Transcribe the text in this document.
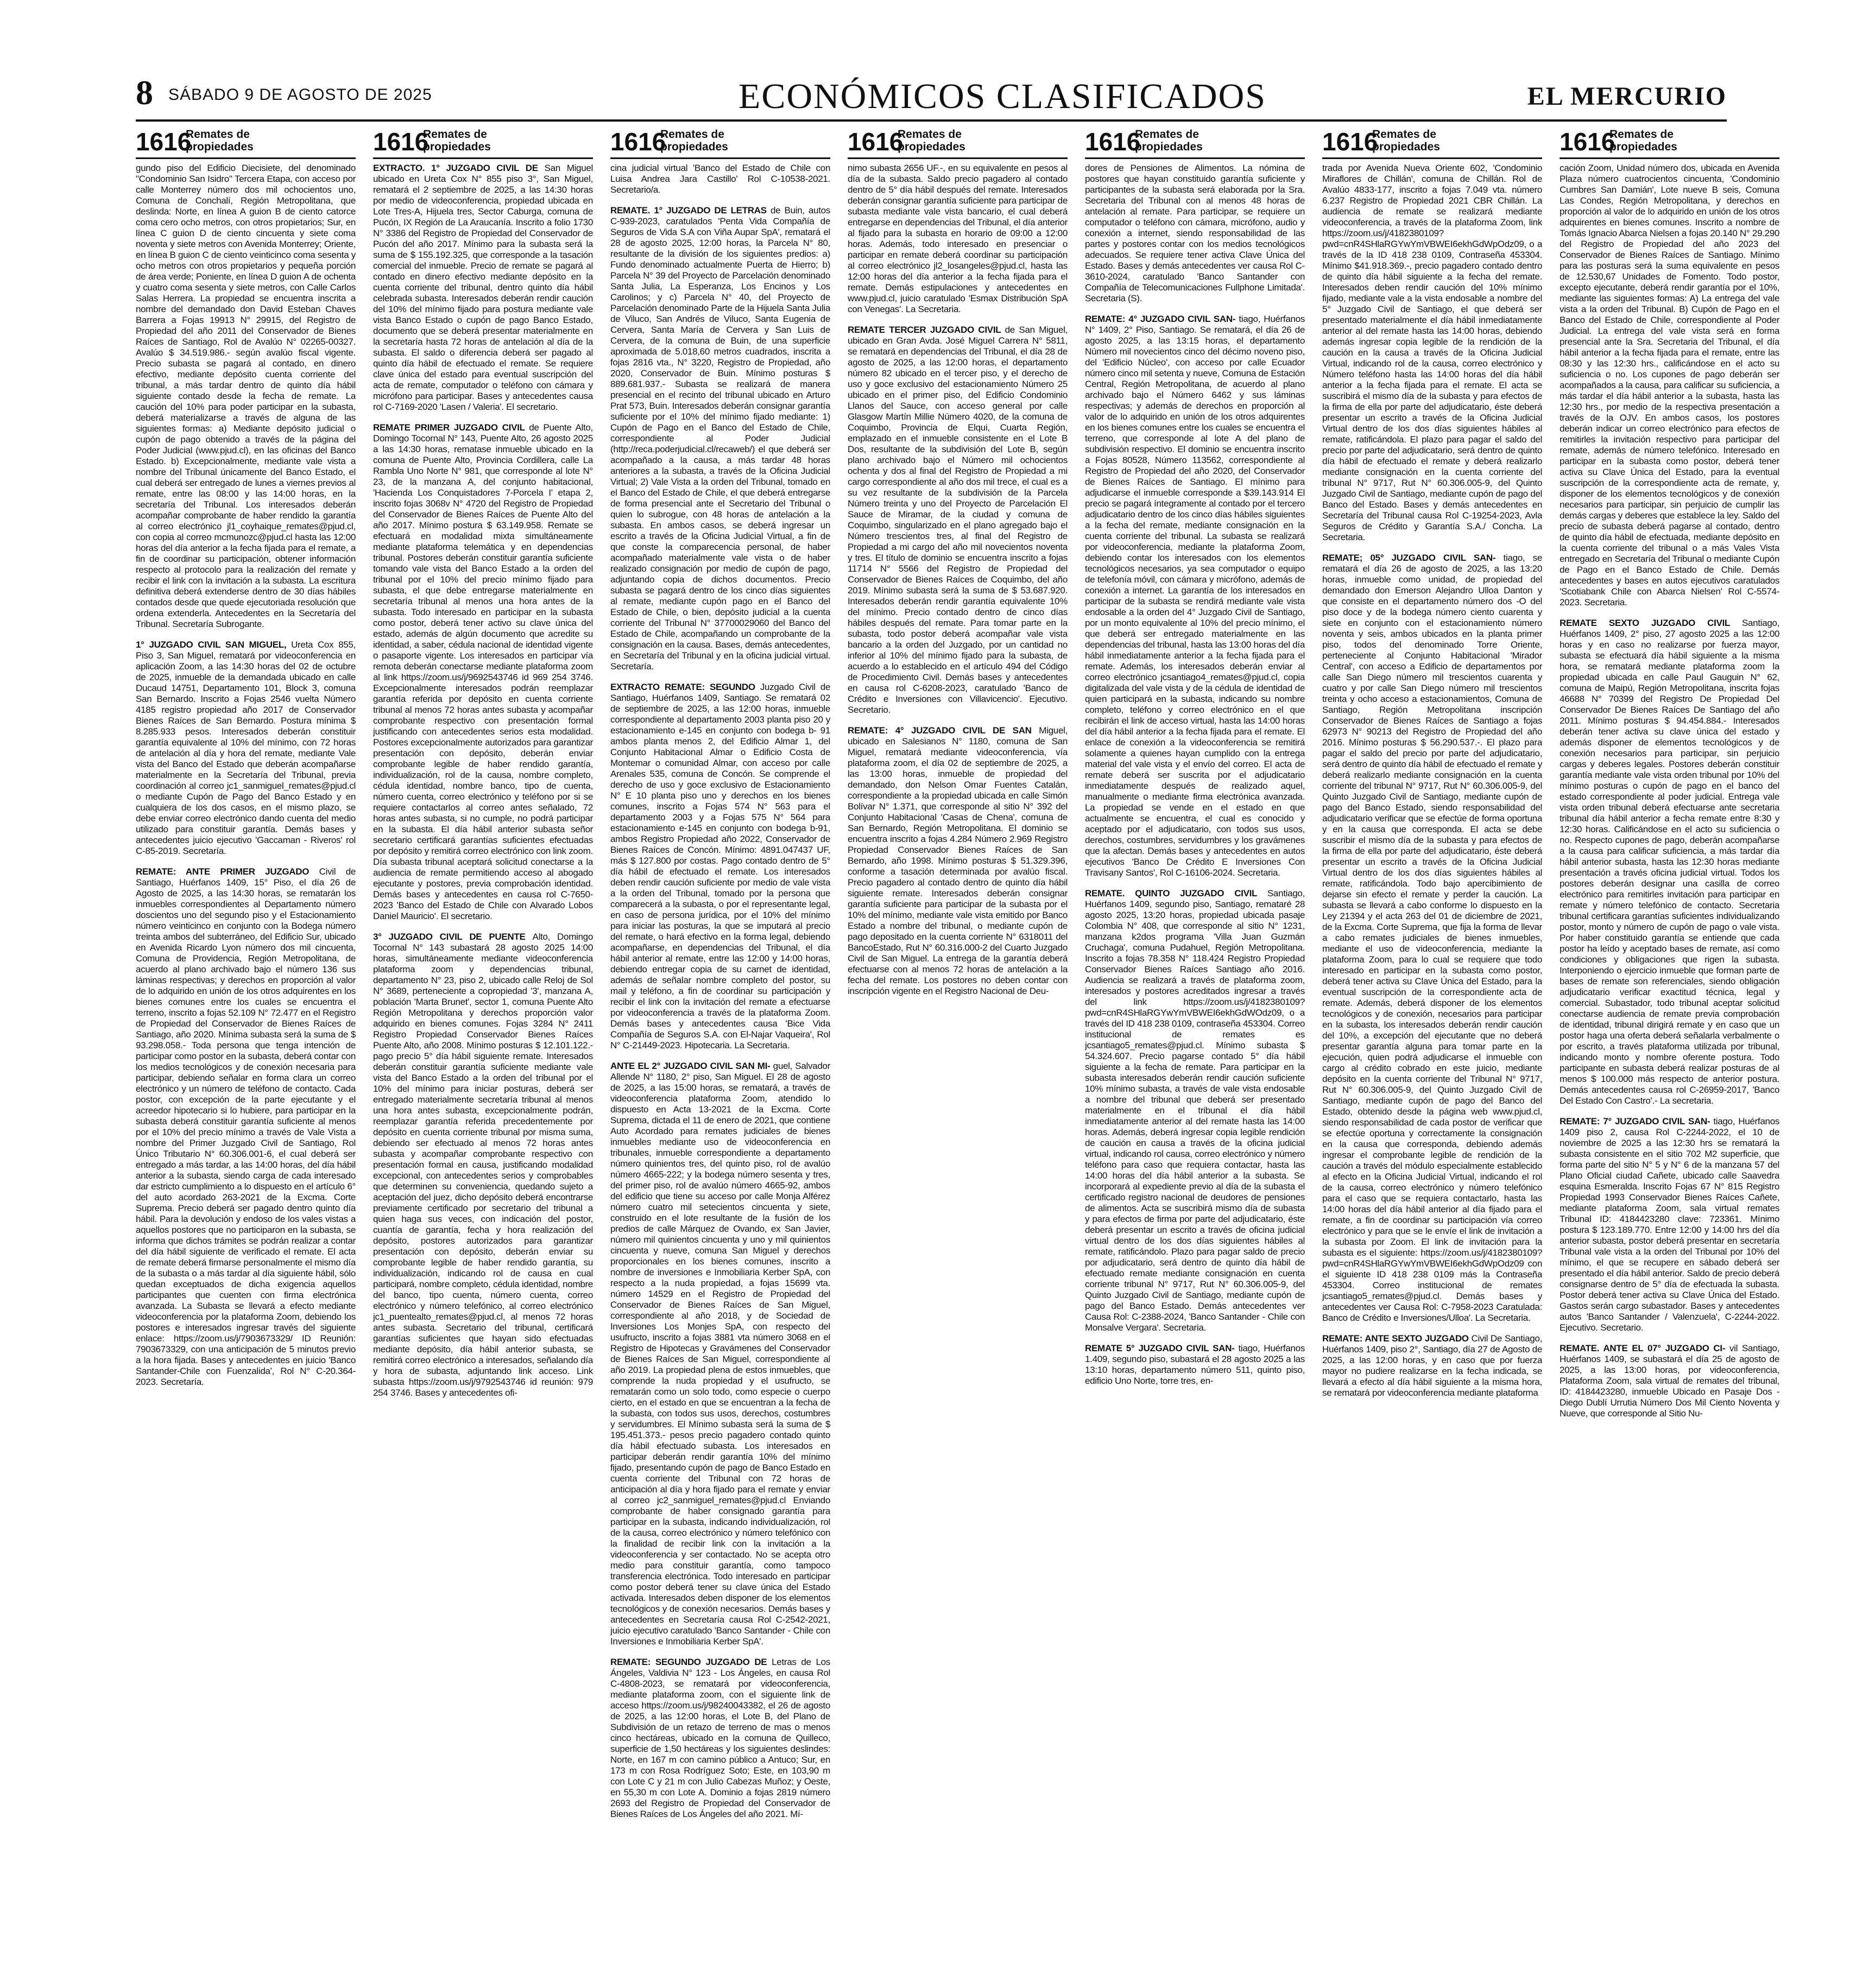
8 SÁBADO 9 DE AGOSTO DE 2025	ECONÓMICOS CLASIFICADOS	EL MERCURIO
1616
Remates de
propiedades	1616
Remates de
propiedades	1616
Remates de
propiedades	1616
Remates de
propiedades	1616
Remates de
propiedades	1616
Remates de
propiedades	1616
Remates de
propiedades

gundo piso del Edificio Diecisiete, del denominado "Condominio San Isidro" Tercera Etapa, con acceso por calle Monterrey número dos mil ochocientos uno, Comuna de Conchalí, Región Metropolitana, que deslinda: Norte, en línea A guion B de ciento catorce coma cero ocho metros, con otros propietarios; Sur, en línea C guion D de ciento cincuenta y siete coma noventa y siete metros con Avenida Monterrey; Oriente, en línea B guion C de ciento veinticinco coma sesenta y ocho metros con otros propietarios y pequeña porción de área verde; Poniente, en línea D guion A de ochenta y cuatro coma sesenta y siete metros, con Calle Carlos Salas Herrera. La propiedad se encuentra inscrita a nombre del demandado don David Esteban Chaves Barrera a Fojas 19913 N° 29915, del Registro de Propiedad del año 2011 del Conservador de Bienes Raíces de Santiago, Rol de Avalúo N° 02265-00327. Avalúo $ 34.519.986.- según avalúo fiscal vigente. Precio subasta se pagará al contado, en dinero efectivo, mediante depósito cuenta corriente del tribunal, a más tardar dentro de quinto día hábil siguiente contado desde la fecha de remate. La caución del 10% para poder participar en la subasta, deberá materializarse a través de alguna de las siguientes formas: a) Mediante depósito judicial o cupón de pago obtenido a través de la página del Poder Judicial (www.pjud.cl), en las oficinas del Banco Estado. b) Excepcionalmente, mediante vale vista a nombre del Tribunal únicamente del Banco Estado, el cual deberá ser entregado de lunes a viernes previos al remate, entre las 08:00 y las 14:00 horas, en la secretaría del Tribunal. Los interesados deberán acompañar comprobante de haber rendido la garantía al correo electrónico jl1_coyhaique_remates@pjud.cl, con copia al correo mcmunozc@pjud.cl hasta las 12:00 horas del día anterior a la fecha fijada para el remate, a fin de coordinar su participación, obtener información respecto al protocolo para la realización del remate y recibir el link con la invitación a la subasta. La escritura definitiva deberá extenderse dentro de 30 días hábiles contados desde que quede ejecutoriada resolución que ordena extenderla. Antecedentes en la Secretaría del Tribunal. Secretaría Subrogante.

1° JUZGADO CIVIL SAN MIGUEL, Ureta Cox 855, Piso 3, San Miguel, rematará por videoconferencia en aplicación Zoom, a las 14:30 horas del 02 de octubre de 2025, inmueble de la demandada ubicado en calle Ducaud 14751, Departamento 101, Block 3, comuna San Bernardo. Inscrito a Fojas 2546 vuelta Número 4185 registro propiedad año 2017 de Conservador Bienes Raíces de San Bernardo. Postura mínima $ 8.285.933 pesos. Interesados deberán constituir garantía equivalente al 10% del mínimo, con 72 horas de antelación al día y hora del remate, mediante Vale vista del Banco del Estado que deberán acompañarse materialmente en la Secretaría del Tribunal, previa coordinación al correo jc1_sanmiguel_remates@pjud.cl o mediante Cupón de Pago del Banco Estado y en cualquiera de los dos casos, en el mismo plazo, se debe enviar correo electrónico dando cuenta del medio utilizado para constituir garantía. Demás bases y antecedentes juicio ejecutivo 'Gaccaman - Riveros' rol C-85-2019. Secretaría.

REMATE: ANTE PRIMER JUZGADO Civil de Santiago, Huérfanos 1409, 15° Piso, el día 26 de Agosto de 2025, a las 14:30 horas, se rematarán los inmuebles correspondientes al Departamento número doscientos uno del segundo piso y el Estacionamiento número veinticinco en conjunto con la Bodega número treinta ambos del subterráneo, del Edificio Sur, ubicado en Avenida Ricardo Lyon número dos mil cincuenta, Comuna de Providencia, Región Metropolitana, de acuerdo al plano archivado bajo el número 136 sus láminas respectivas; y derechos en proporción al valor de lo adquirido en unión de los otros adquirentes en los bienes comunes entre los cuales se encuentra el terreno, inscrito a fojas 52.109 N° 72.477 en el Registro de Propiedad del Conservador de Bienes Raíces de Santiago, año 2020. Mínima subasta será la suma de $ 93.298.058.- Toda persona que tenga intención de participar como postor en la subasta, deberá contar con los medios tecnológicos y de conexión necesaria para participar, debiendo señalar en forma clara un correo electrónico y un número de teléfono de contacto. Cada postor, con excepción de la parte ejecutante y el acreedor hipotecario si lo hubiere, para participar en la subasta deberá constituir garantía suficiente al menos por el 10% del precio mínimo a través de Vale Vista a nombre del Primer Juzgado Civil de Santiago, Rol Único Tributario N° 60.306.001-6, el cual deberá ser entregado a más tardar, a las 14:00 horas, del día hábil anterior a la subasta, siendo carga de cada interesado dar estricto cumplimiento a lo dispuesto en el artículo 6° del auto acordado 263-2021 de la Excma. Corte Suprema. Precio deberá ser pagado dentro quinto día hábil. Para la devolución y endoso de los vales vistas a aquellos postores que no participaron en la subasta, se informa que dichos trámites se podrán realizar a contar del día hábil siguiente de verificado el remate. El acta de remate deberá firmarse personalmente el mismo día de la subasta o a más tardar al día siguiente hábil, sólo quedan exceptuados de dicha exigencia aquellos participantes que cuenten con firma electrónica avanzada. La Subasta se llevará a efecto mediante videoconferencia por la plataforma Zoom, debiendo los postores e interesados ingresar través del siguiente enlace: https://zoom.us/j/7903673329/ ID Reunión: 7903673329, con una anticipación de 5 minutos previo a la hora fijada. Bases y antecedentes en juicio 'Banco Santander-Chile con Fuenzalida', Rol N° C-20.364-2023. Secretaría.

EXTRACTO. 1° JUZGADO CIVIL DE San Miguel ubicado en Ureta Cox N° 855 piso 3°, San Miguel, rematará el 2 septiembre de 2025, a las 14:30 horas por medio de videoconferencia, propiedad ubicada en Lote Tres-A, Hijuela tres, Sector Caburga, comuna de Pucón, IX Región de La Araucanía. Inscrito a folio 1730 N° 3386 del Registro de Propiedad del Conservador de Pucón del año 2017. Mínimo para la subasta será la suma de $ 155.192.325, que corresponde a la tasación comercial del inmueble. Precio de remate se pagará al contado en dinero efectivo mediante depósito en la cuenta corriente del tribunal, dentro quinto día hábil celebrada subasta. Interesados deberán rendir caución del 10% del mínimo fijado para postura mediante vale vista Banco Estado o cupón de pago Banco Estado, documento que se deberá presentar materialmente en la secretaría hasta 72 horas de antelación al día de la subasta. El saldo o diferencia deberá ser pagado al quinto día hábil de efectuado el remate. Se requiere clave única del estado para eventual suscripción del acta de remate, computador o teléfono con cámara y micrófono para participar. Bases y antecedentes causa rol C-7169-2020 'Lasen / Valeria'. El secretario.

REMATE PRIMER JUZGADO CIVIL de Puente Alto, Domingo Tocornal N° 143, Puente Alto, 26 agosto 2025 a las 14:30 horas, rematase inmueble ubicado en la comuna de Puente Alto, Provincia Cordillera, calle La Rambla Uno Norte N° 981, que corresponde al lote N° 23, de la manzana A, del conjunto habitacional, 'Hacienda Los Conquistadores 7-Porcela I' etapa 2, inscrito fojas 3068v N° 4720 del Registro de Propiedad del Conservador de Bienes Raíces de Puente Alto del año 2017. Mínimo postura $ 63.149.958. Remate se efectuará en modalidad mixta simultáneamente mediante plataforma telemática y en dependencias tribunal. Postores deberán constituir garantía suficiente tomando vale vista del Banco Estado a la orden del tribunal por el 10% del precio mínimo fijado para subasta, el que debe entregarse materialmente en secretaría tribunal al menos una hora antes de la subasta. Todo interesado en participar en la subasta como postor, deberá tener activo su clave única del estado, además de algún documento que acredite su identidad, a saber, cédula nacional de identidad vigente o pasaporte vigente. Los interesados en participar vía remota deberán conectarse mediante plataforma zoom al link https://zoom.us/j/9692543746 id 969 254 3746. Excepcionalmente interesados podrán reemplazar garantía referida por depósito en cuenta corriente tribunal al menos 72 horas antes subasta y acompañar comprobante respectivo con presentación formal justificando con antecedentes serios esta modalidad. Postores excepcionalmente autorizados para garantizar presentación con depósito, deberán enviar comprobante legible de haber rendido garantía, individualización, rol de la causa, nombre completo, cédula identidad, nombre banco, tipo de cuenta, número cuenta, correo electrónico y teléfono por si se requiere contactarlos al correo antes señalado, 72 horas antes subasta, si no cumple, no podrá participar en la subasta. El día hábil anterior subasta señor secretario certificará garantías suficientes efectuadas por depósito y remitirá correo electrónico con link zoom. Día subasta tribunal aceptará solicitud conectarse a la audiencia de remate permitiendo acceso al abogado ejecutante y postores, previa comprobación identidad. Demás bases y antecedentes en causa rol C-7650-2023 'Banco del Estado de Chile con Alvarado Lobos Daniel Mauricio'. El secretario.

3° JUZGADO CIVIL DE PUENTE Alto, Domingo Tocornal N° 143 subastará 28 agosto 2025 14:00 horas, simultáneamente mediante videoconferencia plataforma zoom y dependencias tribunal, departamento N° 23, piso 2, ubicado calle Reloj de Sol N° 3689, perteneciente a copropiedad '3', manzana A, población 'Marta Brunet', sector 1, comuna Puente Alto Región Metropolitana y derechos proporción valor adquirido en bienes comunes. Fojas 3284 N° 2411 Registro Propiedad Conservador Bienes Raíces Puente Alto, año 2008. Mínimo posturas $ 12.101.122.- pago precio 5° día hábil siguiente remate. Interesados deberán constituir garantía suficiente mediante vale vista del Banco Estado a la orden del tribunal por el 10% del mínimo para iniciar posturas, deberá ser entregado materialmente secretaría tribunal al menos una hora antes subasta, excepcionalmente podrán, reemplazar garantía referida precedentemente por depósito en cuenta corriente tribunal por misma suma, debiendo ser efectuado al menos 72 horas antes subasta y acompañar comprobante respectivo con presentación formal en causa, justificando modalidad excepcional, con antecedentes serios y comprobables que determinen su conveniencia, quedando sujeto a aceptación del juez, dicho depósito deberá encontrarse previamente certificado por secretario del tribunal a quien haga sus veces, con indicación del postor, cuantía de garantía, fecha y hora realización del depósito, postores autorizados para garantizar presentación con depósito, deberán enviar su comprobante legible de haber rendido garantía, su individualización, indicando rol de causa en cual participará, nombre completo, cédula identidad, nombre del banco, tipo cuenta, número cuenta, correo electrónico y número telefónico, al correo electrónico jc1_puentealto_remates@pjud.cl, al menos 72 horas antes subasta. Secretario del tribunal, certificará garantías suficientes que hayan sido efectuadas mediante depósito, día hábil anterior subasta, se remitirá correo electrónico a interesados, señalando día y hora de subasta, adjuntando link acceso. Link subasta https://zoom.us/j/9792543746 id reunión: 979 254 3746. Bases y antecedentes ofi-

cina judicial virtual 'Banco del Estado de Chile con Luisa Andrea Jara Castillo' Rol C-10538-2021. Secretario/a.

REMATE. 1° JUZGADO DE LETRAS de Buin, autos C-939-2023, caratulados 'Penta Vida Compañía de Seguros de Vida S.A con Viña Aupar SpA', rematará el 28 de agosto 2025, 12:00 horas, la Parcela N° 80, resultante de la división de los siguientes predios: a) Fundo denominado actualmente Puerta de Hierro; b) Parcela N° 39 del Proyecto de Parcelación denominado Santa Julia, La Esperanza, Los Encinos y Los Carolinos; y c) Parcela N° 40, del Proyecto de Parcelación denominado Parte de la Hijuela Santa Julia de Viluco, San Andrés de Viluco, Santa Eugenia de Cervera, Santa María de Cervera y San Luis de Cervera, de la comuna de Buin, de una superficie aproximada de 5.018,60 metros cuadrados, inscrita a fojas 2816 vta., N° 3220, Registro de Propiedad, año 2020, Conservador de Buin. Mínimo posturas $ 889.681.937.- Subasta se realizará de manera presencial en el recinto del tribunal ubicado en Arturo Prat 573, Buin. Interesados deberán consignar garantía suficiente por el 10% del mínimo fijado mediante: 1) Cupón de Pago en el Banco del Estado de Chile, correspondiente al Poder Judicial (http://reca.poderjudicial.cl/recaweb/) el que deberá ser acompañado a la causa, a más tardar 48 horas anteriores a la subasta, a través de la Oficina Judicial Virtual; 2) Vale Vista a la orden del Tribunal, tomado en el Banco del Estado de Chile, el que deberá entregarse de forma presencial ante el Secretario del Tribunal o quien lo subrogue, con 48 horas de antelación a la subasta. En ambos casos, se deberá ingresar un escrito a través de la Oficina Judicial Virtual, a fin de que conste la comparecencia personal, de haber acompañado materialmente vale vista o de haber realizado consignación por medio de cupón de pago, adjuntando copia de dichos documentos. Precio subasta se pagará dentro de los cinco días siguientes al remate, mediante cupón pago en el Banco del Estado de Chile, o bien, depósito judicial a la cuenta corriente del Tribunal N° 37700029060 del Banco del Estado de Chile, acompañando un comprobante de la consignación en la causa. Bases, demás antecedentes, en Secretaría del Tribunal y en la oficina judicial virtual. Secretaría.

EXTRACTO REMATE: SEGUNDO Juzgado Civil de Santiago, Huérfanos 1409, Santiago. Se rematará 02 de septiembre de 2025, a las 12:00 horas, inmueble correspondiente al departamento 2003 planta piso 20 y estacionamiento e-145 en conjunto con bodega b- 91 ambos planta menos 2, del Edificio Almar 1, del Conjunto Habitacional Almar o Edificio Costa de Montemar o comunidad Almar, con acceso por calle Arenales 535, comuna de Concón. Se comprende el derecho de uso y goce exclusivo de Estacionamiento N° E 10 planta piso uno y derechos en los bienes comunes, inscrito a Fojas 574 N° 563 para el departamento 2003 y a Fojas 575 N° 564 para estacionamiento e-145 en conjunto con bodega b-91, ambos Registro Propiedad año 2022, Conservador de Bienes Raíces de Concón. Mínimo: 4891.047437 UF, más $ 127.800 por costas. Pago contado dentro de 5° día hábil de efectuado el remate. Los interesados deben rendir caución suficiente por medio de vale vista a la orden del Tribunal, tomado por la persona que comparecerá a la subasta, o por el representante legal, en caso de persona jurídica, por el 10% del mínimo para iniciar las posturas, la que se imputará al precio del remate, o hará efectivo en la forma legal, debiendo acompañarse, en dependencias del Tribunal, el día hábil anterior al remate, entre las 12:00 y 14:00 horas, debiendo entregar copia de su carnet de identidad, además de señalar nombre completo del postor, su mail y teléfono, a fin de coordinar su participación y recibir el link con la invitación del remate a efectuarse por videoconferencia a través de la plataforma Zoom. Demás bases y antecedentes causa 'Bice Vida Compañía de Seguros S.A. con El-Najar Vaqueira', Rol N° C-21449-2023. Hipotecaria. La Secretaria.

ANTE EL 2° JUZGADO CIVIL SAN MI- guel, Salvador Allende N° 1180, 2° piso, San Miguel. El 28 de agosto de 2025, a las 15:00 horas, se rematará, a través de videoconferencia plataforma Zoom, atendido lo dispuesto en Acta 13-2021 de la Excma. Corte Suprema, dictada el 11 de enero de 2021, que contiene Auto Acordado para remates judiciales de bienes inmuebles mediante uso de videoconferencia en tribunales, inmueble correspondiente a departamento número quinientos tres, del quinto piso, rol de avalúo número 4665-222; y la bodega número sesenta y tres, del primer piso, rol de avalúo número 4665-92, ambos del edificio que tiene su acceso por calle Monja Alférez número cuatro mil setecientos cincuenta y siete, construido en el lote resultante de la fusión de los predios de calle Márquez de Ovando, ex San Javier, número mil quinientos cincuenta y uno y mil quinientos cincuenta y nueve, comuna San Miguel y derechos proporcionales en los bienes comunes, inscrito a nombre de inversiones e Inmobiliaria Kerber SpA, con respecto a la nuda propiedad, a fojas 15699 vta. número 14529 en el Registro de Propiedad del Conservador de Bienes Raíces de San Miguel, correspondiente al año 2018, y de Sociedad de Inversiones Los Monjes SpA, con respecto del usufructo, inscrito a fojas 3881 vta número 3068 en el Registro de Hipotecas y Gravámenes del Conservador de Bienes Raíces de San Miguel, correspondiente al año 2019. La propiedad plena de estos inmuebles, que comprende la nuda propiedad y el usufructo, se rematarán como un solo todo, como especie o cuerpo cierto, en el estado en que se encuentran a la fecha de la subasta, con todos sus usos, derechos, costumbres y servidumbres. El Mínimo subasta será la suma de $ 195.451.373.- pesos precio pagadero contado quinto día hábil efectuado subasta. Los interesados en participar deberán rendir garantía 10% del mínimo fijado, presentando cupón de pago de Banco Estado en cuenta corriente del Tribunal con 72 horas de anticipación al día y hora fijado para el remate y enviar al correo jc2_sanmiguel_remates@pjud.cl Enviando comprobante de haber consignado garantía para participar en la subasta, indicando individualización, rol de la causa, correo electrónico y número telefónico con la finalidad de recibir link con la invitación a la videoconferencia y ser contactado. No se acepta otro medio para constituir garantía, como tampoco transferencia electrónica. Todo interesado en participar como postor deberá tener su clave única del Estado activada. Interesados deben disponer de los elementos tecnológicos y de conexión necesarios. Demás bases y antecedentes en Secretaría causa Rol C-2542-2021, juicio ejecutivo caratulado 'Banco Santander - Chile con Inversiones e Inmobiliaria Kerber SpA'.

REMATE: SEGUNDO JUZGADO DE Letras de Los Ángeles, Valdivia N° 123 - Los Ángeles, en causa Rol C-4808-2023, se rematará por videoconferencia, mediante plataforma zoom, con el siguiente link de acceso https://zoom.us/j/98240043382, el 26 de agosto de 2025, a las 12:00 horas, el Lote B, del Plano de Subdivisión de un retazo de terreno de mas o menos cinco hectáreas, ubicado en la comuna de Quilleco, superficie de 1,50 hectáreas y los siguientes deslindes: Norte, en 167 m con camino público a Antuco; Sur, en 173 m con Rosa Rodríguez Soto; Este, en 103,90 m con Lote C y 21 m con Julio Cabezas Muñoz; y Oeste, en 55,30 m con Lote A. Dominio a fojas 2819 número 2693 del Registro de Propiedad del Conservador de Bienes Raíces de Los Ángeles del año 2021. Mí-

nimo subasta 2656 UF.-, en su equivalente en pesos al día de la subasta. Saldo precio pagadero al contado dentro de 5° día hábil después del remate. Interesados deberán consignar garantía suficiente para participar de subasta mediante vale vista bancario, el cual deberá entregarse en dependencias del Tribunal, el día anterior al fijado para la subasta en horario de 09:00 a 12:00 horas. Además, todo interesado en presenciar o participar en remate deberá coordinar su participación al correo electrónico jl2_losangeles@pjud.cl, hasta las 12:00 horas del día anterior a la fecha fijada para el remate. Demás estipulaciones y antecedentes en www.pjud.cl, juicio caratulado 'Esmax Distribución SpA con Venegas'. La Secretaria.

REMATE TERCER JUZGADO CIVIL de San Miguel, ubicado en Gran Avda. José Miguel Carrera N° 5811, se rematará en dependencias del Tribunal, el día 28 de agosto de 2025, a las 12:00 horas, el departamento número 82 ubicado en el tercer piso, y el derecho de uso y goce exclusivo del estacionamiento Número 25 ubicado en el primer piso, del Edificio Condominio Llanos del Sauce, con acceso general por calle Glasgow Martín Millie Número 4020, de la comuna de Coquimbo, Provincia de Elqui, Cuarta Región, emplazado en el inmueble consistente en el Lote B Dos, resultante de la subdivisión del Lote B, según plano archivado bajo el Número mil ochocientos ochenta y dos al final del Registro de Propiedad a mi cargo correspondiente al año dos mil trece, el cual es a su vez resultante de la subdivisión de la Parcela Número treinta y uno del Proyecto de Parcelación El Sauce de Miramar, de la ciudad y comuna de Coquimbo, singularizado en el plano agregado bajo el Número trescientos tres, al final del Registro de Propiedad a mi cargo del año mil novecientos noventa y tres. El título de dominio se encuentra inscrito a fojas 11714 N° 5566 del Registro de Propiedad del Conservador de Bienes Raíces de Coquimbo, del año 2019. Mínimo subasta será la suma de $ 53.687.920. Interesados deberán rendir garantía equivalente 10% del mínimo. Precio contado dentro de cinco días hábiles después del remate. Para tomar parte en la subasta, todo postor deberá acompañar vale vista bancario a la orden del Juzgado, por un cantidad no inferior al 10% del mínimo fijado para la subasta, de acuerdo a lo establecido en el artículo 494 del Código de Procedimiento Civil. Demás bases y antecedentes en causa rol C-6208-2023, caratulado 'Banco de Crédito e Inversiones con Villavicencio'. Ejecutivo. Secretario.

REMATE: 4° JUZGADO CIVIL DE SAN Miguel, ubicado en Salesianos N° 1180, comuna de San Miguel, rematará mediante videoconferencia, vía plataforma zoom, el día 02 de septiembre de 2025, a las 13:00 horas, inmueble de propiedad del demandado, don Nelson Omar Fuentes Catalán, correspondiente a la propiedad ubicada en calle Simón Bolívar N° 1.371, que corresponde al sitio N° 392 del Conjunto Habitacional 'Casas de Chena', comuna de San Bernardo, Región Metropolitana. El dominio se encuentra inscrito a fojas 4.284 Número 2.969 Registro Propiedad Conservador Bienes Raíces de San Bernardo, año 1998. Mínimo posturas $ 51.329.396, conforme a tasación determinada por avalúo fiscal. Precio pagadero al contado dentro de quinto día hábil siguiente remate. Interesados deberán consignar garantía suficiente para participar de la subasta por el 10% del mínimo, mediante vale vista emitido por Banco Estado a nombre del tribunal, o mediante cupón de pago depositado en la cuenta corriente N° 6318011 del BancoEstado, Rut N° 60.316.000-2 del Cuarto Juzgado Civil de San Miguel. La entrega de la garantía deberá efectuarse con al menos 72 horas de antelación a la fecha del remate. Los postores no deben contar con inscripción vigente en el Registro Nacional de Deu-

dores de Pensiones de Alimentos. La nómina de postores que hayan constituido garantía suficiente y participantes de la subasta será elaborada por la Sra. Secretaria del Tribunal con al menos 48 horas de antelación al remate. Para participar, se requiere un computador o teléfono con cámara, micrófono, audio y conexión a internet, siendo responsabilidad de las partes y postores contar con los medios tecnológicos adecuados. Se requiere tener activa Clave Única del Estado. Bases y demás antecedentes ver causa Rol C-3610-2024, caratulado 'Banco Santander con Compañía de Telecomunicaciones Fullphone Limitada'. Secretaria (S).

REMATE: 4° JUZGADO CIVIL SAN- tiago, Huérfanos N° 1409, 2° Piso, Santiago. Se rematará, el día 26 de agosto 2025, a las 13:15 horas, el departamento Número mil novecientos cinco del décimo noveno piso, del 'Edificio Núcleo', con acceso por calle Ecuador número cinco mil setenta y nueve, Comuna de Estación Central, Región Metropolitana, de acuerdo al plano archivado bajo el Número 6462 y sus láminas respectivas; y además de derechos en proporción al valor de lo adquirido en unión de los otros adquirentes en los bienes comunes entre los cuales se encuentra el terreno, que corresponde al lote A del plano de subdivisión respectivo. El dominio se encuentra inscrito a Fojas 80528, Número 113562, correspondiente al Registro de Propiedad del año 2020, del Conservador de Bienes Raíces de Santiago. El mínimo para adjudicarse el inmueble corresponde a $39.143.914 El precio se pagará íntegramente al contado por el tercero adjudicatario dentro de los cinco días hábiles siguientes a la fecha del remate, mediante consignación en la cuenta corriente del tribunal. La subasta se realizará por videoconferencia, mediante la plataforma Zoom, debiendo contar los interesados con los elementos tecnológicos necesarios, ya sea computador o equipo de telefonía móvil, con cámara y micrófono, además de conexión a internet. La garantía de los interesados en participar de la subasta se rendirá mediante vale vista endosable a la orden del 4° Juzgado Civil de Santiago, por un monto equivalente al 10% del precio mínimo, el que deberá ser entregado materialmente en las dependencias del tribunal, hasta las 13:00 horas del día hábil inmediatamente anterior a la fecha fijada para el remate. Además, los interesados deberán enviar al correo electrónico jcsantiago4_remates@pjud.cl, copia digitalizada del vale vista y de la cédula de identidad de quien participará en la subasta, indicando su nombre completo, teléfono y correo electrónico en el que recibirán el link de acceso virtual, hasta las 14:00 horas del día hábil anterior a la fecha fijada para el remate. El enlace de conexión a la videoconferencia se remitirá solamente a quienes hayan cumplido con la entrega material del vale vista y el envío del correo. El acta de remate deberá ser suscrita por el adjudicatario inmediatamente después de realizado aquel, manualmente o mediante firma electrónica avanzada. La propiedad se vende en el estado en que actualmente se encuentra, el cual es conocido y aceptado por el adjudicatario, con todos sus usos, derechos, costumbres, servidumbres y los gravámenes que la afectan. Demás bases y antecedentes en autos ejecutivos 'Banco De Crédito E Inversiones Con Travisany Santos', Rol C-16106-2024. Secretaria.

REMATE. QUINTO JUZGADO CIVIL Santiago, Huérfanos 1409, segundo piso, Santiago, remataré 28 agosto 2025, 13:20 horas, propiedad ubicada pasaje Colombia N° 408, que corresponde al sitio N° 1231, manzana k2dos programa 'Villa Juan Guzmán Cruchaga', comuna Pudahuel, Región Metropolitana. Inscrito a fojas 78.358 N° 118.424 Registro Propiedad Conservador Bienes Raíces Santiago año 2016. Audiencia se realizará a través de plataforma zoom, interesados y postores acreditados ingresar a través del link https://zoom.us/j/4182380109?pwd=cnR4SHlaRGYwYmVBWEI6ekhGdWOdz09, o a través del ID 418 238 0109, contraseña 453304. Correo institucional de remates es jcsantiago5_remates@pjud.cl. Mínimo subasta $ 54.324.607. Precio pagarse contado 5° día hábil siguiente a la fecha de remate. Para participar en la subasta interesados deberán rendir caución suficiente 10% mínimo subasta, a través de vale vista endosable a nombre del tribunal que deberá ser presentado materialmente en el tribunal el día hábil inmediatamente anterior al del remate hasta las 14:00 horas. Además, deberá ingresar copia legible rendición de caución en causa a través de la oficina judicial virtual, indicando rol causa, correo electrónico y número teléfono para caso que requiera contactar, hasta las 14:00 horas del día hábil anterior a la subasta. Se incorporará al expediente previo al día de la subasta el certificado registro nacional de deudores de pensiones de alimentos. Acta se suscribirá mismo día de subasta y para efectos de firma por parte del adjudicatario, éste deberá presentar un escrito a través de oficina judicial virtual dentro de los dos días siguientes hábiles al remate, ratificándolo. Plazo para pagar saldo de precio por adjudicatario, será dentro de quinto día hábil de efectuado remate mediante consignación en cuenta corriente tribunal N° 9717, Rut N° 60.306.005-9, del Quinto Juzgado Civil de Santiago, mediante cupón de pago del Banco Estado. Demás antecedentes ver Causa Rol: C-2388-2024, 'Banco Santander - Chile con Monsalve Vergara'. Secretaria.

REMATE 5° JUZGADO CIVIL SAN- tiago, Huérfanos 1.409, segundo piso, subastará el 28 agosto 2025 a las 13:10 horas, departamento número 511, quinto piso, edificio Uno Norte, torre tres, en-

trada por Avenida Nueva Oriente 602, 'Condominio Miraflores de Chillán', comuna de Chillán. Rol de Avalúo 4833-177, inscrito a fojas 7.049 vta. número 6.237 Registro de Propiedad 2021 CBR Chillán. La audiencia de remate se realizará mediante videoconferencia, a través de la plataforma Zoom, link https://zoom.us/j/4182380109?pwd=cnR4SHlaRGYwYmVBWEI6ekhGdWpOdz09, o a través de la ID 418 238 0109, Contraseña 453304. Mínimo $41.918.369.-, precio pagadero contado dentro de quinto día hábil siguiente a la fecha del remate. Interesados deben rendir caución del 10% mínimo fijado, mediante vale a la vista endosable a nombre del 5° Juzgado Civil de Santiago, el que deberá ser presentado materialmente el día hábil inmediatamente anterior al del remate hasta las 14:00 horas, debiendo además ingresar copia legible de la rendición de la caución en la causa a través de la Oficina Judicial Virtual, indicando rol de la causa, correo electrónico y Número teléfono hasta las 14:00 horas del día hábil anterior a la fecha fijada para el remate. El acta se suscribirá el mismo día de la subasta y para efectos de la firma de ella por parte del adjudicatario, éste deberá presentar un escrito a través de la Oficina Judicial Virtual dentro de los dos días siguientes hábiles al remate, ratificándola. El plazo para pagar el saldo del precio por parte del adjudicatario, será dentro de quinto día hábil de efectuado el remate y deberá realizarlo mediante consignación en la cuenta corriente del tribunal N° 9717, Rut N° 60.306.005-9, del Quinto Juzgado Civil de Santiago, mediante cupón de pago del Banco del Estado. Bases y demás antecedentes en Secretaría del Tribunal causa Rol C-19254-2023, Avla Seguros de Crédito y Garantía S.A./ Concha. La Secretaria.

REMATE; 05° JUZGADO CIVIL SAN- tiago, se rematará el día 26 de agosto de 2025, a las 13:20 horas, inmueble como unidad, de propiedad del demandado don Emerson Alejandro Ulloa Danton y que consiste en el departamento número dos -O del piso doce y de la bodega número ciento cuarenta y siete en conjunto con el estacionamiento número noventa y seis, ambos ubicados en la planta primer piso, todos del denominado Torre Oriente, perteneciente al Conjunto Habitacional 'Mirador Central', con acceso a Edificio de departamentos por calle San Diego número mil trescientos cuarenta y cuatro y por calle San Diego número mil trescientos treinta y ocho acceso a estacionamientos, Comuna de Santiago, Región Metropolitana inscripción Conservador de Bienes Raíces de Santiago a fojas 62973 N° 90213 del Registro de Propiedad del año 2016. Mínimo posturas $ 56.290.537.-. El plazo para pagar el saldo del precio por parte del adjudicatario, será dentro de quinto día hábil de efectuado el remate y deberá realizarlo mediante consignación en la cuenta corriente del tribunal N° 9717, Rut N° 60.306.005-9, del Quinto Juzgado Civil de Santiago, mediante cupón de pago del Banco Estado, siendo responsabilidad del adjudicatario verificar que se efectúe de forma oportuna y en la causa que corresponda. El acta se debe suscribir el mismo día de la subasta y para efectos de la firma de ella por parte del adjudicatario, éste deberá presentar un escrito a través de la Oficina Judicial Virtual dentro de los dos días siguientes hábiles al remate, ratificándola. Todo bajo apercibimiento de dejarse sin efecto el remate y perder la caución. La subasta se llevará a cabo conforme lo dispuesto en la Ley 21394 y el acta 263 del 01 de diciembre de 2021, de la Excma. Corte Suprema, que fija la forma de llevar a cabo remates judiciales de bienes inmuebles, mediante el uso de videoconferencia, mediante la plataforma Zoom, para lo cual se requiere que todo interesado en participar en la subasta como postor, deberá tener activa su Clave Única del Estado, para la eventual suscripción de la correspondiente acta de remate. Además, deberá disponer de los elementos tecnológicos y de conexión, necesarios para participar en la subasta, los interesados deberán rendir caución del 10%, a excepción del ejecutante que no deberá presentar garantía alguna para tomar parte en la ejecución, quien podrá adjudicarse el inmueble con cargo al crédito cobrado en este juicio, mediante depósito en la cuenta corriente del Tribunal N° 9717, Rut N° 60.306.005-9, del Quinto Juzgado Civil de Santiago, mediante cupón de pago del Banco del Estado, obtenido desde la página web www.pjud.cl, siendo responsabilidad de cada postor de verificar que se efectúe oportuna y correctamente la consignación en la causa que corresponda, debiendo además ingresar el comprobante legible de rendición de la caución a través del módulo especialmente establecido al efecto en la Oficina Judicial Virtual, indicando el rol de la causa, correo electrónico y número telefónico para el caso que se requiera contactarlo, hasta las 14:00 horas del día hábil anterior al día fijado para el remate, a fin de coordinar su participación vía correo electrónico y para que se le envíe el link de invitación a la subasta por Zoom. El link de invitación para la subasta es el siguiente: https://zoom.us/j/4182380109?pwd=cnR4SHlaRGYwYmVBWEI6ekhGdWpOdz09 con el siguiente ID 418 238 0109 más la Contraseña 453304. Correo institucional de remates jcsantiago5_remates@pjud.cl. Demás bases y antecedentes ver Causa Rol: C-7958-2023 Caratulada: Banco de Crédito e Inversiones/Ulloa'. La Secretaria.

REMATE: ANTE SEXTO JUZGADO Civil De Santiago, Huérfanos 1409, piso 2°, Santiago, día 27 de Agosto de 2025, a las 12:00 horas, y en caso que por fuerza mayor no pudiere realizarse en la fecha indicada, se llevará a efecto al día hábil siguiente a la misma hora, se rematará por videoconferencia mediante plataforma

cación Zoom, Unidad número dos, ubicada en Avenida Plaza número cuatrocientos cincuenta, 'Condominio Cumbres San Damián', Lote nueve B seis, Comuna Las Condes, Región Metropolitana, y derechos en proporción al valor de lo adquirido en unión de los otros adquirentes en bienes comunes. Inscrito a nombre de Tomás Ignacio Abarca Nielsen a fojas 20.140 N° 29.290 del Registro de Propiedad del año 2023 del Conservador de Bienes Raíces de Santiago. Mínimo para las posturas será la suma equivalente en pesos de 12.530,67 Unidades de Fomento. Todo postor, excepto ejecutante, deberá rendir garantía por el 10%, mediante las siguientes formas: A) La entrega del vale vista a la orden del Tribunal. B) Cupón de Pago en el Banco del Estado de Chile, correspondiente al Poder Judicial. La entrega del vale vista será en forma presencial ante la Sra. Secretaria del Tribunal, el día hábil anterior a la fecha fijada para el remate, entre las 08:30 y las 12:30 hrs., calificándose en el acto su suficiencia o no. Los cupones de pago deberán ser acompañados a la causa, para calificar su suficiencia, a más tardar el día hábil anterior a la subasta, hasta las 12:30 hrs., por medio de la respectiva presentación a través de la OJV. En ambos casos, los postores deberán indicar un correo electrónico para efectos de remitirles la invitación respectivo para participar del remate, además de número telefónico. Interesado en participar en la subasta como postor, deberá tener activa su Clave Única del Estado, para la eventual suscripción de la correspondiente acta de remate, y, disponer de los elementos tecnológicos y de conexión necesarios para participar, sin perjuicio de cumplir las demás cargas y deberes que establece la ley. Saldo del precio de subasta deberá pagarse al contado, dentro de quinto día hábil de efectuada, mediante depósito en la cuenta corriente del tribunal o a más Vales Vista entregado en Secretaría del Tribunal o mediante Cupón de Pago en el Banco Estado de Chile. Demás antecedentes y bases en autos ejecutivos caratulados 'Scotiabank Chile con Abarca Nielsen' Rol C-5574-2023. Secretaria.

REMATE SEXTO JUZGADO CIVIL Santiago, Huérfanos 1409, 2° piso, 27 agosto 2025 a las 12:00 horas y en caso no realizarse por fuerza mayor, subasta se efectuará día hábil siguiente a la misma hora, se rematará mediante plataforma zoom la propiedad ubicada en calle Paul Gauguin N° 62, comuna de Maipú, Región Metropolitana, inscrita fojas 46688 N° 70399 del Registro De Propiedad Del Conservador De Bienes Raíces De Santiago del año 2011. Mínimo posturas $ 94.454.884.- Interesados deberán tener activa su clave única del estado y además disponer de elementos tecnológicos y de conexión necesarios para participar, sin perjuicio cargas y deberes legales. Postores deberán constituir garantía mediante vale vista orden tribunal por 10% del mínimo posturas o cupón de pago en el banco del estado correspondiente al poder judicial. Entrega vale vista orden tribunal deberá efectuarse ante secretaria tribunal día hábil anterior a fecha remate entre 8:30 y 12:30 horas. Calificándose en el acto su suficiencia o no. Respecto cupones de pago, deberán acompañarse a la causa para calificar suficiencia, a más tardar día hábil anterior subasta, hasta las 12:30 horas mediante presentación a través oficina judicial virtual. Todos los postores deberán designar una casilla de correo electrónico para remitirles invitación para participar en remate y número telefónico de contacto. Secretaria tribunal certificara garantías suficientes individualizando postor, monto y número de cupón de pago o vale vista. Por haber constituido garantía se entiende que cada postor ha leído y aceptado bases de remate, así como condiciones y obligaciones que rigen la subasta. Interponiendo o ejercicio inmueble que forman parte de bases de remate son referenciales, siendo obligación adjudicatario verificar exactitud técnica, legal y comercial. Subastador, todo tribunal aceptar solicitud conectarse audiencia de remate previa comprobación de identidad, tribunal dirigirá remate y en caso que un postor haga una oferta deberá señalarla verbalmente o por escrito, a través plataforma utilizada por tribunal, indicando monto y nombre oferente postura. Todo participante en subasta deberá realizar posturas de al menos $ 100.000 más respecto de anterior postura. Demás antecedentes causa rol C-26959-2017, 'Banco Del Estado Con Castro'.- La secretaria.

REMATE: 7° JUZGADO CIVIL SAN- tiago, Huérfanos 1409 piso 2, causa Rol C-2244-2022, el 10 de noviembre de 2025 a las 12:30 hrs se rematará la subasta consistente en el sitio 702 M2 superficie, que forma parte del sitio N° 5 y N° 6 de la manzana 57 del Plano Oficial ciudad Cañete, ubicado calle Saavedra esquina Esmeralda. Inscrito Fojas 67 N° 815 Registro Propiedad 1993 Conservador Bienes Raíces Cañete, mediante plataforma Zoom, sala virtual remates Tribunal ID: 4184423280 clave: 723361. Mínimo postura $ 123.189.770. Entre 12:00 y 14:00 hrs del día anterior subasta, postor deberá presentar en secretaría Tribunal vale vista a la orden del Tribunal por 10% del mínimo, el que se recupere en sábado deberá ser presentado el día hábil anterior. Saldo de precio deberá consignarse dentro de 5° día de efectuada la subasta. Postor deberá tener activa su Clave Única del Estado. Gastos serán cargo subastador. Bases y antecedentes autos 'Banco Santander / Valenzuela', C-2244-2022. Ejecutivo. Secretario.

REMATE. ANTE EL 07° JUZGADO CI- vil Santiago, Huérfanos 1409, se subastará el día 25 de agosto de 2025, a las 13:00 horas, por videoconferencia, Plataforma Zoom, sala virtual de remates del tribunal, ID: 4184423280, inmueble Ubicado en Pasaje Dos - Diego Dublí Urrutia Número Dos Mil Ciento Noventa y Nueve, que corresponde al Sitio Nu-
